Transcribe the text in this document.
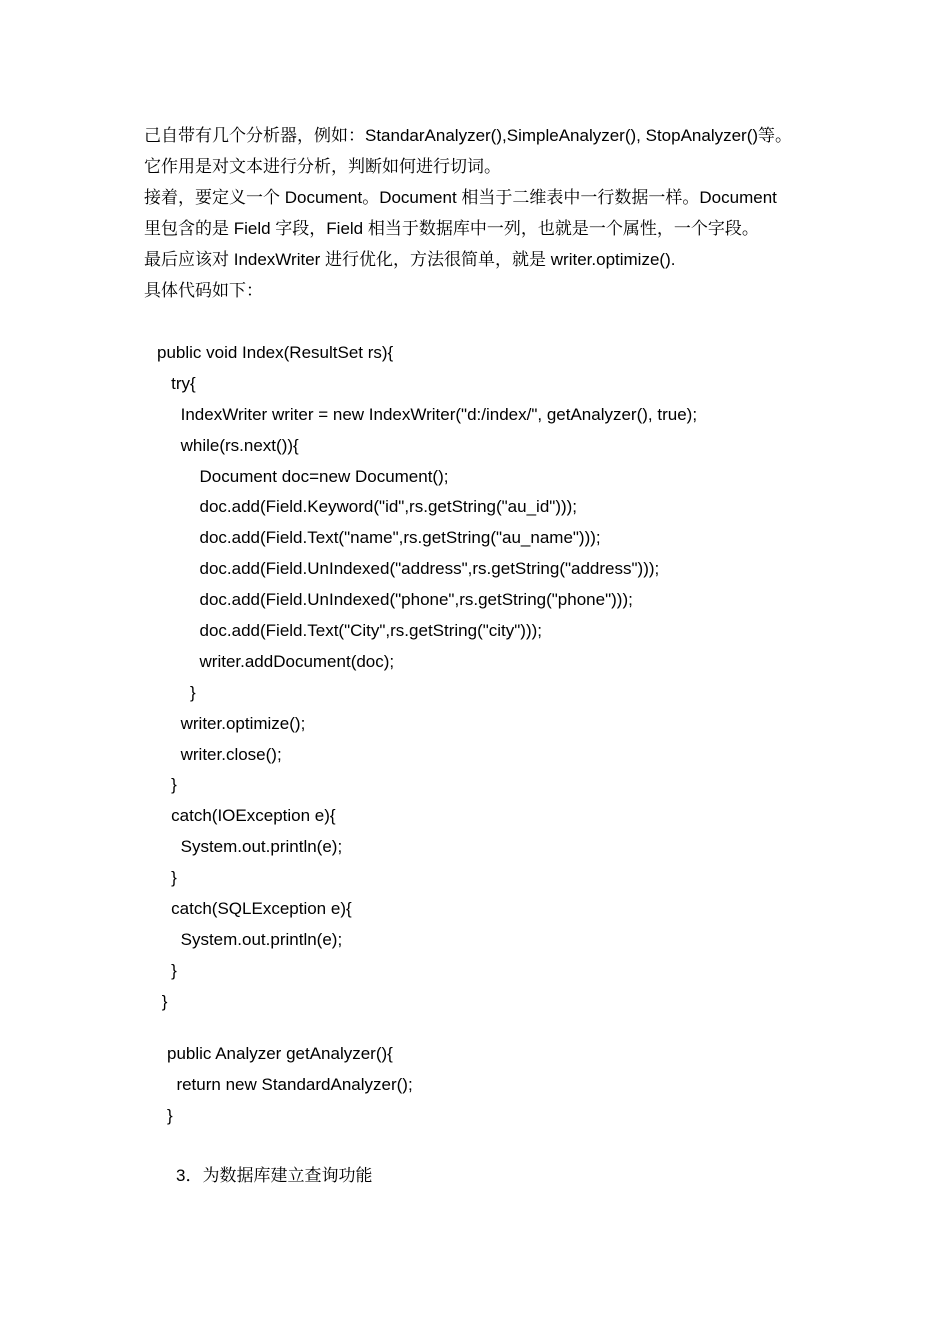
己自带有几个分析器，例如：StandarAnalyzer(),SimpleAnalyzer(), StopAnalyzer()等。
它作用是对文本进行分析，判断如何进行切词。
接着，要定义一个 Document。Document 相当于二维表中一行数据一样。Document
里包含的是 Field 字段，Field 相当于数据库中一列，也就是一个属性，一个字段。
最后应该对 IndexWriter 进行优化，方法很简单，就是 writer.optimize().
具体代码如下：
public void Index(ResultSet rs){
try{
IndexWriter writer = new IndexWriter("d:/index/", getAnalyzer(), true);
while(rs.next()){
Document doc=new Document();
doc.add(Field.Keyword("id",rs.getString("au_id")));
doc.add(Field.Text("name",rs.getString("au_name")));
doc.add(Field.UnIndexed("address",rs.getString("address")));
doc.add(Field.UnIndexed("phone",rs.getString("phone")));
doc.add(Field.Text("City",rs.getString("city")));
writer.addDocument(doc);
}
writer.optimize();
writer.close();
}
catch(IOException e){
System.out.println(e);
}
catch(SQLException e){
System.out.println(e);
}
}
public Analyzer getAnalyzer(){
return new StandardAnalyzer();
}
3．为数据库建立查询功能
